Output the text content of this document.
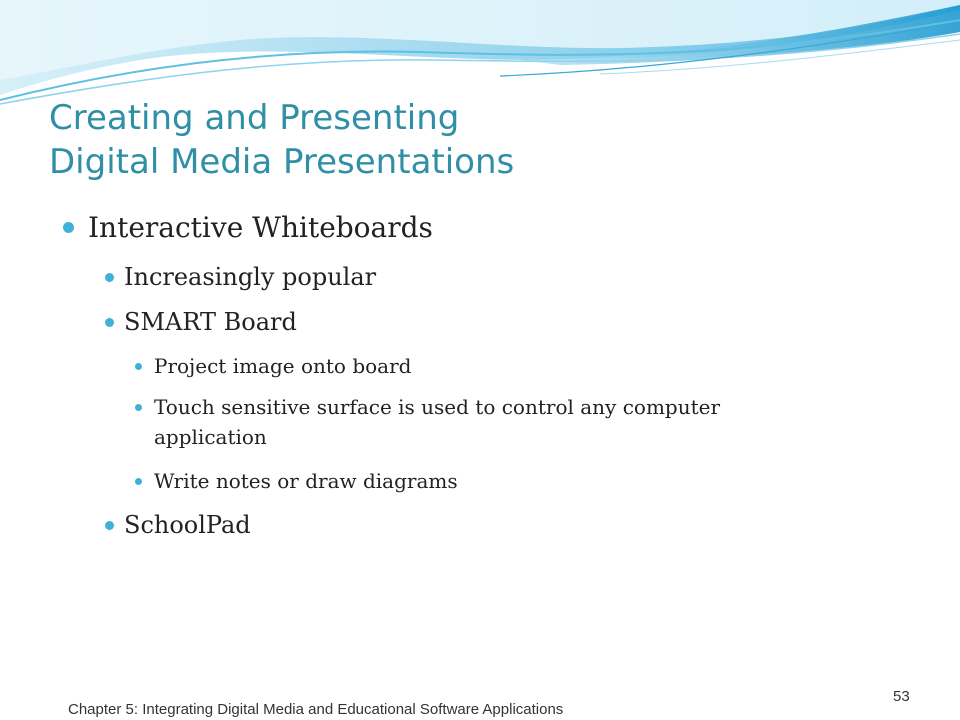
Creating and Presenting
Digital Media Presentations
Interactive Whiteboards
Increasingly popular
SMART Board
Project image onto board
Touch sensitive surface is used to control any computer
application
Write notes or draw diagrams
SchoolPad
Chapter 5: Integrating Digital Media and Educational Software Applications
53
